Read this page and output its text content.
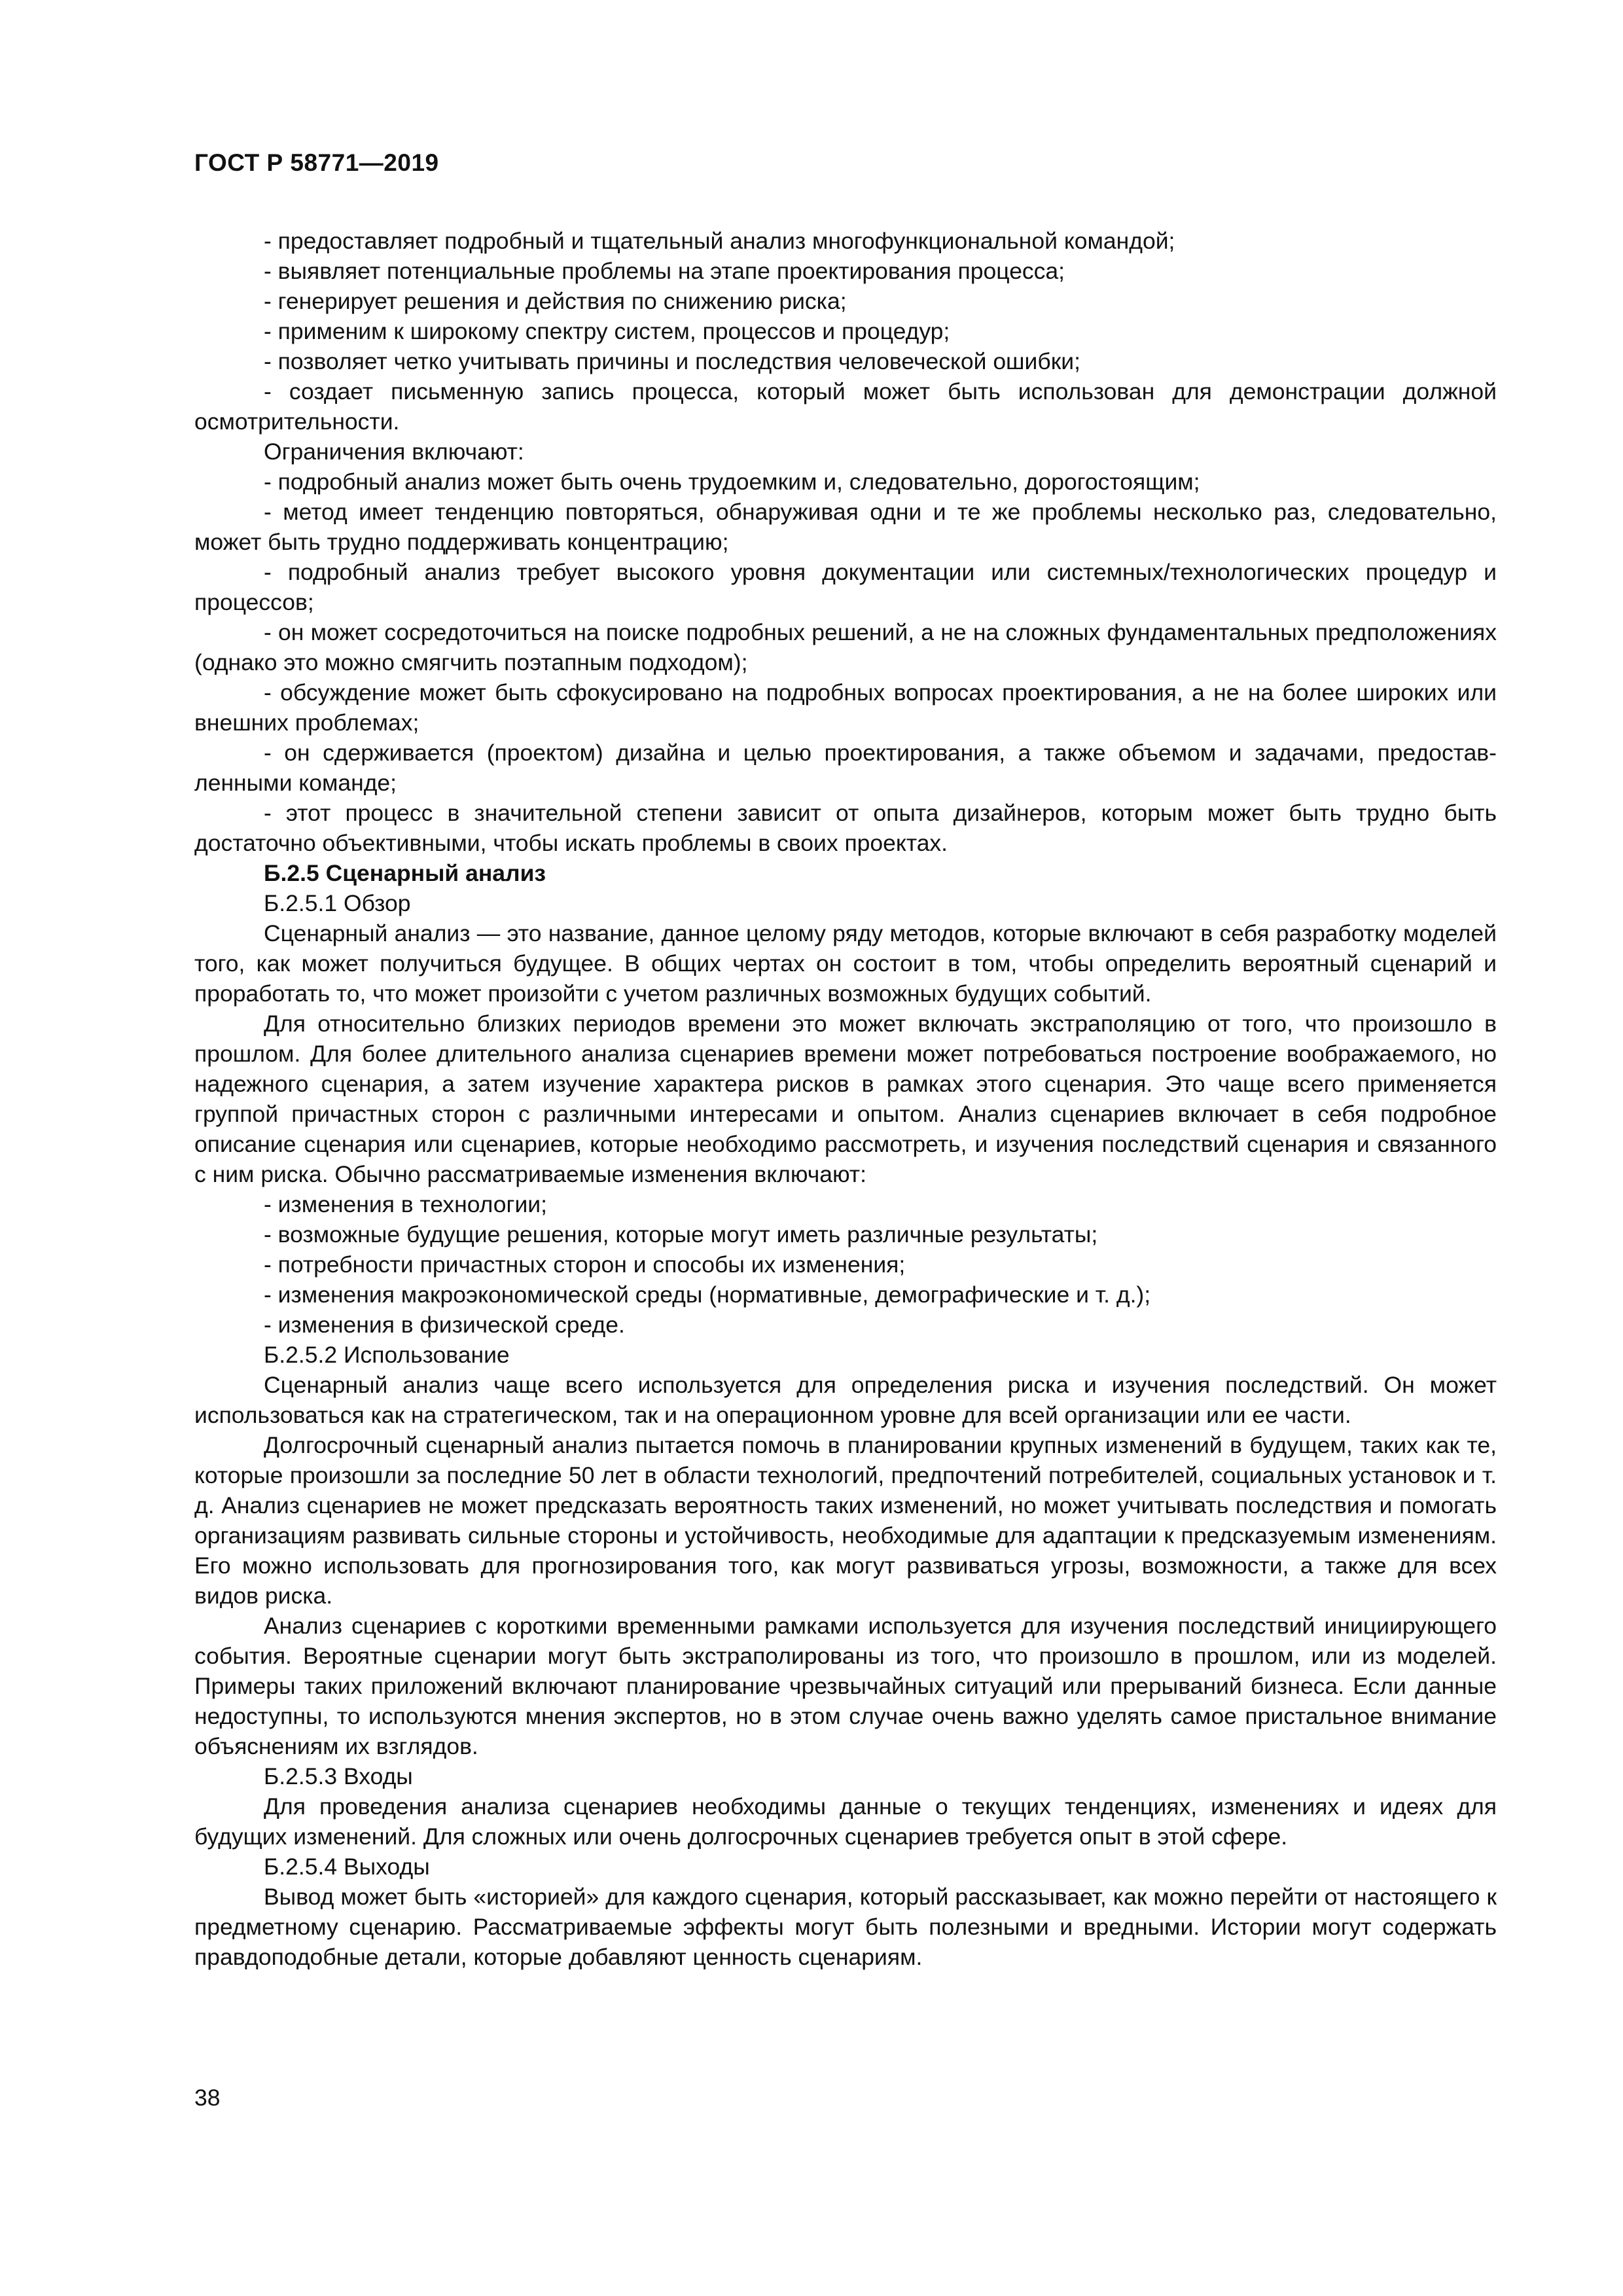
ГОСТ Р 58771—2019

- предоставляет подробный и тщательный анализ многофункциональной командой;

- выявляет потенциальные проблемы на этапе проектирования процесса;

- генерирует решения и действия по снижению риска;

- применим к широкому спектру систем, процессов и процедур;

- позволяет четко учитывать причины и последствия человеческой ошибки;

- создает письменную запись процесса, который может быть использован для демонстрации должной осмотрительности.

Ограничения включают:

- подробный анализ может быть очень трудоемким и, следовательно, дорогостоящим;

- метод имеет тенденцию повторяться, обнаруживая одни и те же проблемы несколько раз, следовательно, может быть трудно поддерживать концентрацию;

- подробный анализ требует высокого уровня документации или системных/технологических процедур и процессов;

- он может сосредоточиться на поиске подробных решений, а не на сложных фундаментальных предположениях (однако это можно смягчить поэтапным подходом);

- обсуждение может быть сфокусировано на подробных вопросах проектирования, а не на более широких или внешних проблемах;

- он сдерживается (проектом) дизайна и целью проектирования, а также объемом и задачами, предоставленными команде;

- этот процесс в значительной степени зависит от опыта дизайнеров, которым может быть трудно быть достаточно объективными, чтобы искать проблемы в своих проектах.

Б.2.5 Сценарный анализ

Б.2.5.1 Обзор

Сценарный анализ — это название, данное целому ряду методов, которые включают в себя разработку моделей того, как может получиться будущее. В общих чертах он состоит в том, чтобы определить вероятный сценарий и проработать то, что может произойти с учетом различных возможных будущих событий.

Для относительно близких периодов времени это может включать экстраполяцию от того, что произошло в прошлом. Для более длительного анализа сценариев времени может потребоваться построение воображаемого, но надежного сценария, а затем изучение характера рисков в рамках этого сценария. Это чаще всего применяется группой причастных сторон с различными интересами и опытом. Анализ сценариев включает в себя подробное описание сценария или сценариев, которые необходимо рассмотреть, и изучения последствий сценария и связанного с ним риска. Обычно рассматриваемые изменения включают:

- изменения в технологии;

- возможные будущие решения, которые могут иметь различные результаты;

- потребности причастных сторон и способы их изменения;

- изменения макроэкономической среды (нормативные, демографические и т. д.);

- изменения в физической среде.

Б.2.5.2 Использование

Сценарный анализ чаще всего используется для определения риска и изучения последствий. Он может использоваться как на стратегическом, так и на операционном уровне для всей организации или ее части.

Долгосрочный сценарный анализ пытается помочь в планировании крупных изменений в будущем, таких как те, которые произошли за последние 50 лет в области технологий, предпочтений потребителей, социальных установок и т. д. Анализ сценариев не может предсказать вероятность таких изменений, но может учитывать последствия и помогать организациям развивать сильные стороны и устойчивость, необходимые для адаптации к предсказуемым изменениям. Его можно использовать для прогнозирования того, как могут развиваться угрозы, возможности, а также для всех видов риска.

Анализ сценариев с короткими временными рамками используется для изучения последствий инициирующего события. Вероятные сценарии могут быть экстраполированы из того, что произошло в прошлом, или из моделей. Примеры таких приложений включают планирование чрезвычайных ситуаций или прерываний бизнеса. Если данные недоступны, то используются мнения экспертов, но в этом случае очень важно уделять самое пристальное внимание объяснениям их взглядов.

Б.2.5.3 Входы

Для проведения анализа сценариев необходимы данные о текущих тенденциях, изменениях и идеях для будущих изменений. Для сложных или очень долгосрочных сценариев требуется опыт в этой сфере.

Б.2.5.4 Выходы

Вывод может быть «историей» для каждого сценария, который рассказывает, как можно перейти от настоящего к предметному сценарию. Рассматриваемые эффекты могут быть полезными и вредными. Истории могут содержать правдоподобные детали, которые добавляют ценность сценариям.

38
